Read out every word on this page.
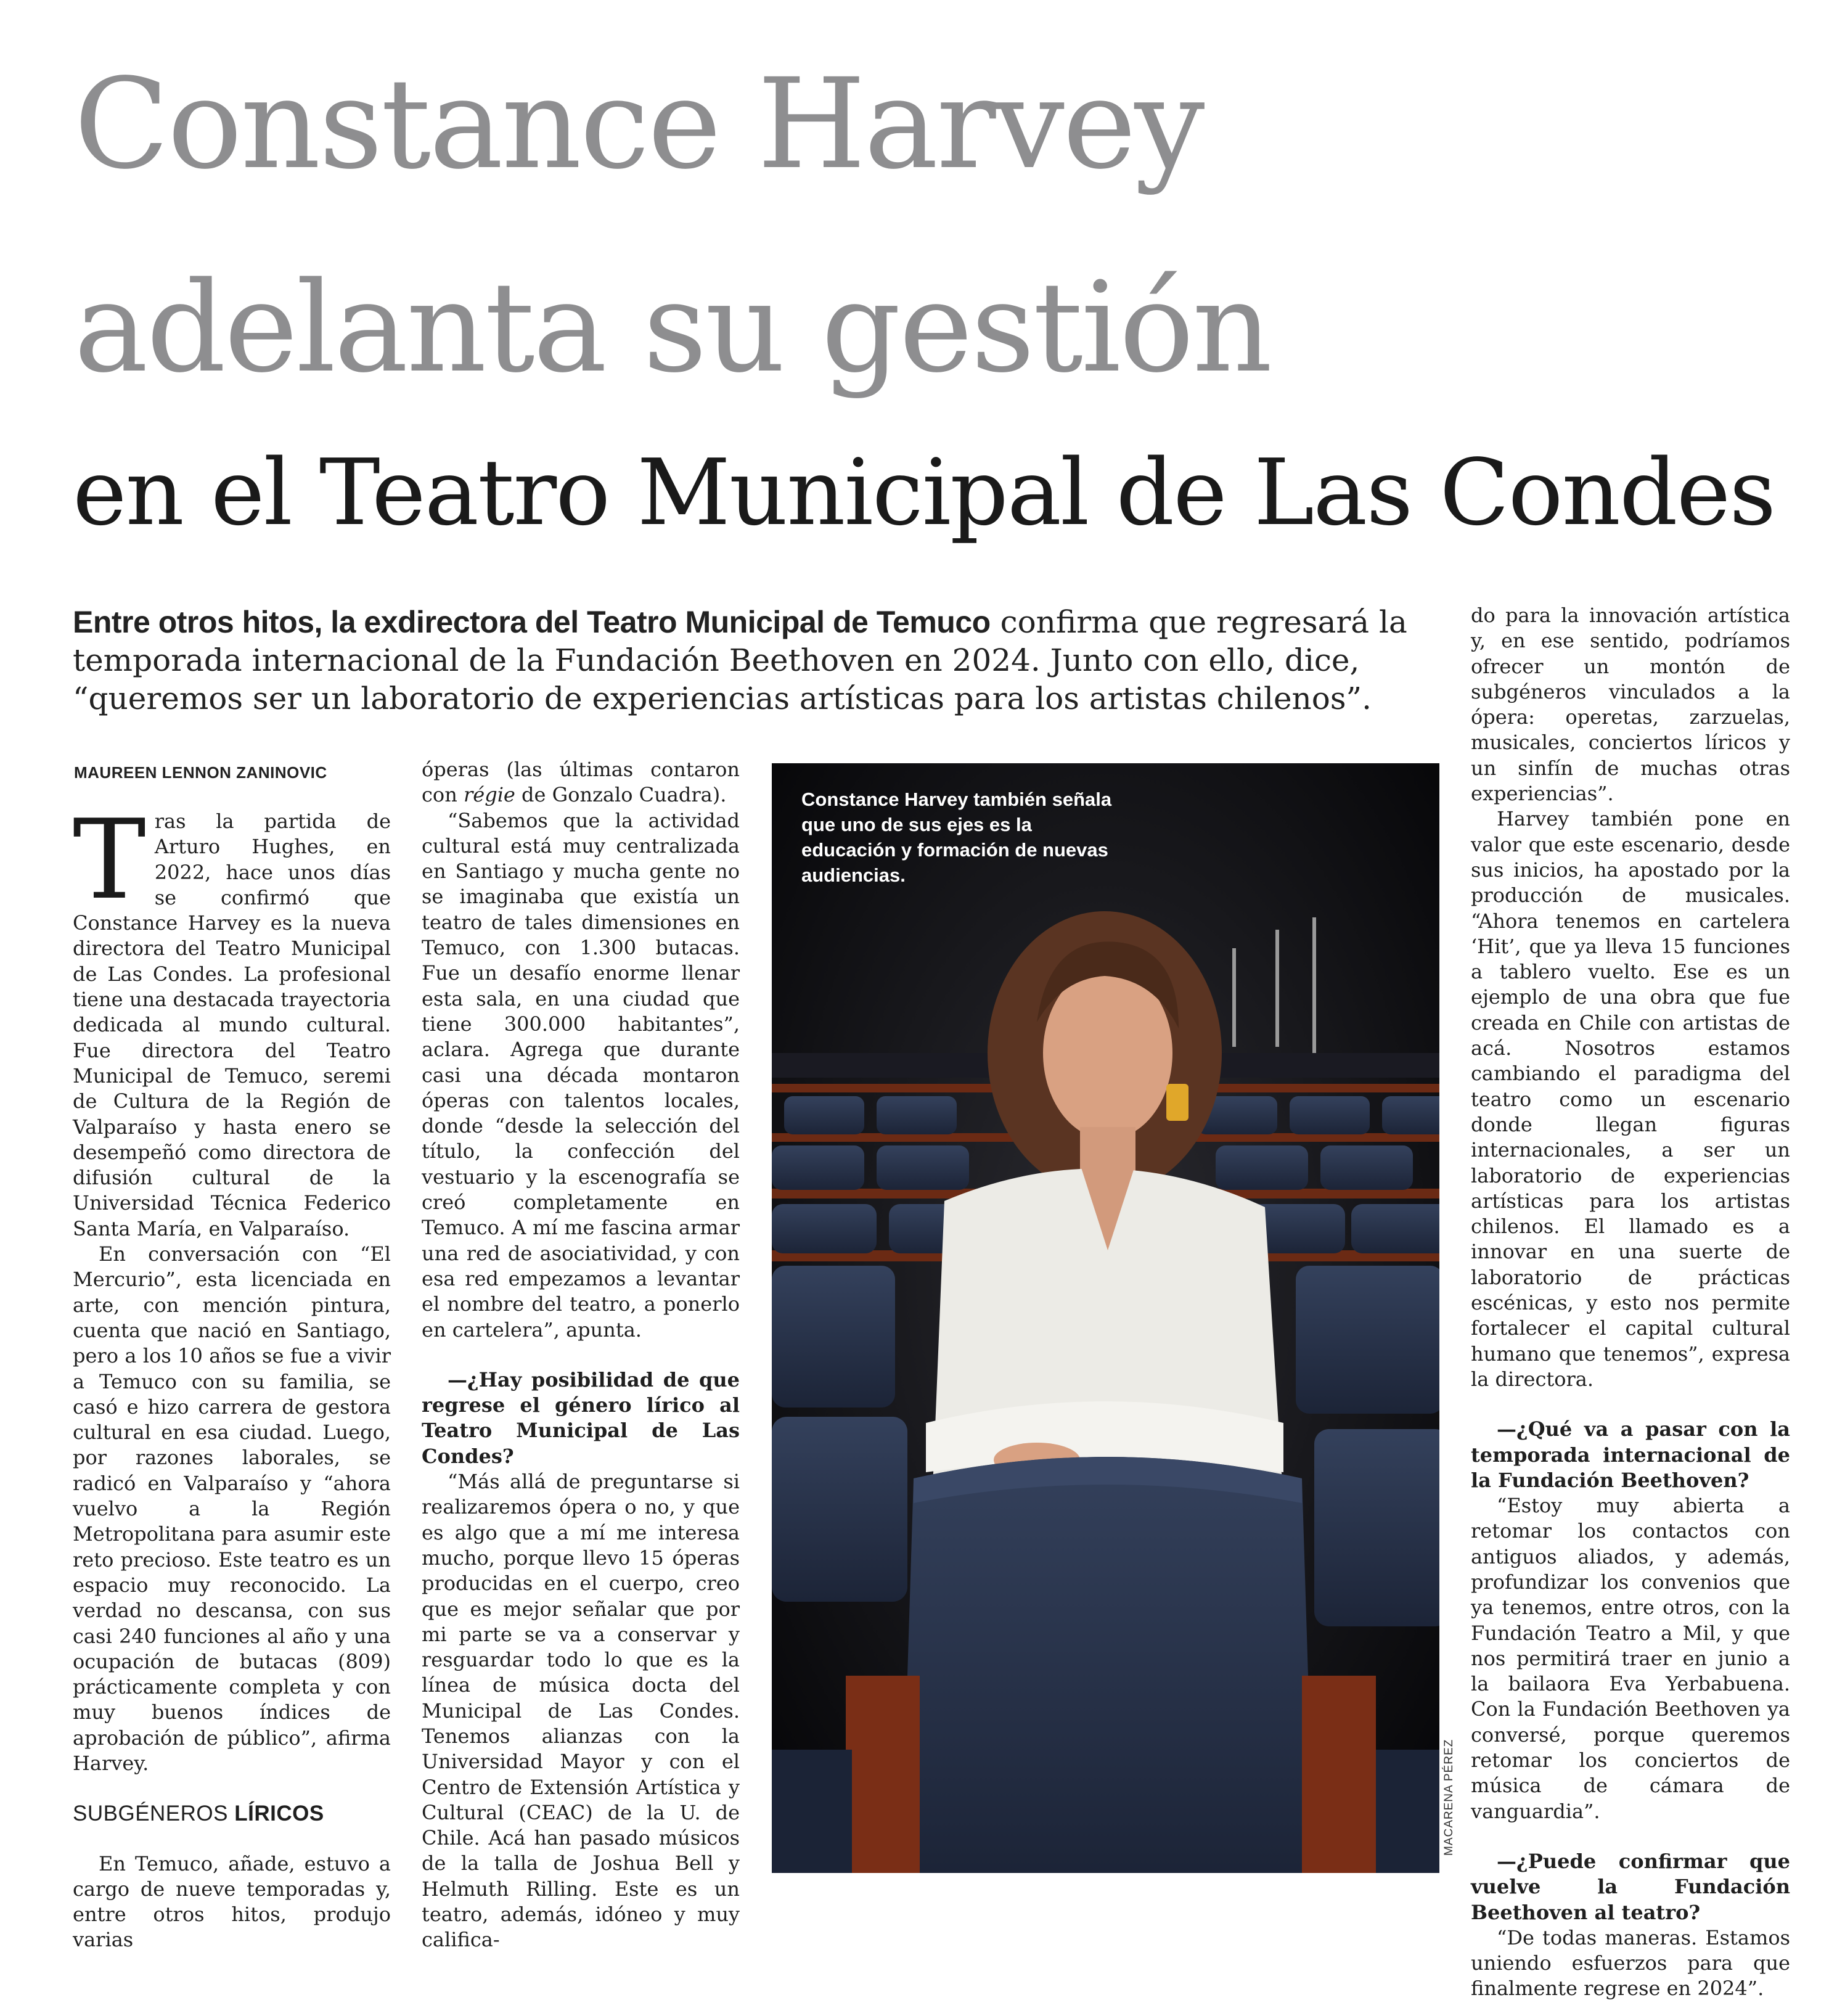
Constance Harvey
adelanta su gestión
en el Teatro Municipal de Las Condes

Entre otros hitos, la exdirectora del Teatro Municipal de Temuco confirma que regresará la temporada internacional de la Fundación Beethoven en 2024. Junto con ello, dice, “queremos ser un laboratorio de experiencias artísticas para los artistas chilenos”.

MAUREEN LENNON ZANINOVIC

Tras la partida de Arturo Hughes, en 2022, hace unos días se confirmó que Constance Harvey es la nueva directora del Teatro Municipal de Las Condes. La profesional tiene una destacada trayectoria dedicada al mundo cultural. Fue directora del Teatro Municipal de Temuco, seremi de Cultura de la Región de Valparaíso y hasta enero se desempeñó como directora de difusión cultural de la Universidad Técnica Federico Santa María, en Valparaíso.

En conversación con “El Mercurio”, esta licenciada en arte, con mención pintura, cuenta que nació en Santiago, pero a los 10 años se fue a vivir a Temuco con su familia, se casó e hizo carrera de gestora cultural en esa ciudad. Luego, por razones laborales, se radicó en Valparaíso y “ahora vuelvo a la Región Metropolitana para asumir este reto precioso. Este teatro es un espacio muy reconocido. La verdad no descansa, con sus casi 240 funciones al año y una ocupación de butacas (809) prácticamente completa y con muy buenos índices de aprobación de público”, afirma Harvey.

SUBGÉNEROS LÍRICOS

En Temuco, añade, estuvo a cargo de nueve temporadas y, entre otros hitos, produjo varias

óperas (las últimas contaron con régie de Gonzalo Cuadra).

“Sabemos que la actividad cultural está muy centralizada en Santiago y mucha gente no se imaginaba que existía un teatro de tales dimensiones en Temuco, con 1.300 butacas. Fue un desafío enorme llenar esta sala, en una ciudad que tiene 300.000 habitantes”, aclara. Agrega que durante casi una década montaron óperas con talentos locales, donde “desde la selección del título, la confección del vestuario y la escenografía se creó completamente en Temuco. A mí me fascina armar una red de asociatividad, y con esa red empezamos a levantar el nombre del teatro, a ponerlo en cartelera”, apunta.

—¿Hay posibilidad de que regrese el género lírico al Teatro Municipal de Las Condes?

“Más allá de preguntarse si realizaremos ópera o no, y que es algo que a mí me interesa mucho, porque llevo 15 óperas producidas en el cuerpo, creo que es mejor señalar que por mi parte se va a conservar y resguardar todo lo que es la línea de música docta del Municipal de Las Condes. Tenemos alianzas con la Universidad Mayor y con el Centro de Extensión Artística y Cultural (CEAC) de la U. de Chile. Acá han pasado músicos de la talla de Joshua Bell y Helmuth Rilling. Este es un teatro, además, idóneo y muy califica-

Constance Harvey también señala que uno de sus ejes es la educación y formación de nuevas audiencias.

MACARENA PÉREZ

do para la innovación artística y, en ese sentido, podríamos ofrecer un montón de subgéneros vinculados a la ópera: operetas, zarzuelas, musicales, conciertos líricos y un sinfín de muchas otras experiencias”.

Harvey también pone en valor que este escenario, desde sus inicios, ha apostado por la producción de musicales. “Ahora tenemos en cartelera ‘Hit’, que ya lleva 15 funciones a tablero vuelto. Ese es un ejemplo de una obra que fue creada en Chile con artistas de acá. Nosotros estamos cambiando el paradigma del teatro como un escenario donde llegan figuras internacionales, a ser un laboratorio de experiencias artísticas para los artistas chilenos. El llamado es a innovar en una suerte de laboratorio de prácticas escénicas, y esto nos permite fortalecer el capital cultural humano que tenemos”, expresa la directora.

—¿Qué va a pasar con la temporada internacional de la Fundación Beethoven?

“Estoy muy abierta a retomar los contactos con antiguos aliados, y además, profundizar los convenios que ya tenemos, entre otros, con la Fundación Teatro a Mil, y que nos permitirá traer en junio a la bailaora Eva Yerbabuena. Con la Fundación Beethoven ya conversé, porque queremos retomar los conciertos de música de cámara de vanguardia”.

—¿Puede confirmar que vuelve la Fundación Beethoven al teatro?

“De todas maneras. Estamos uniendo esfuerzos para que finalmente regrese en 2024”.
